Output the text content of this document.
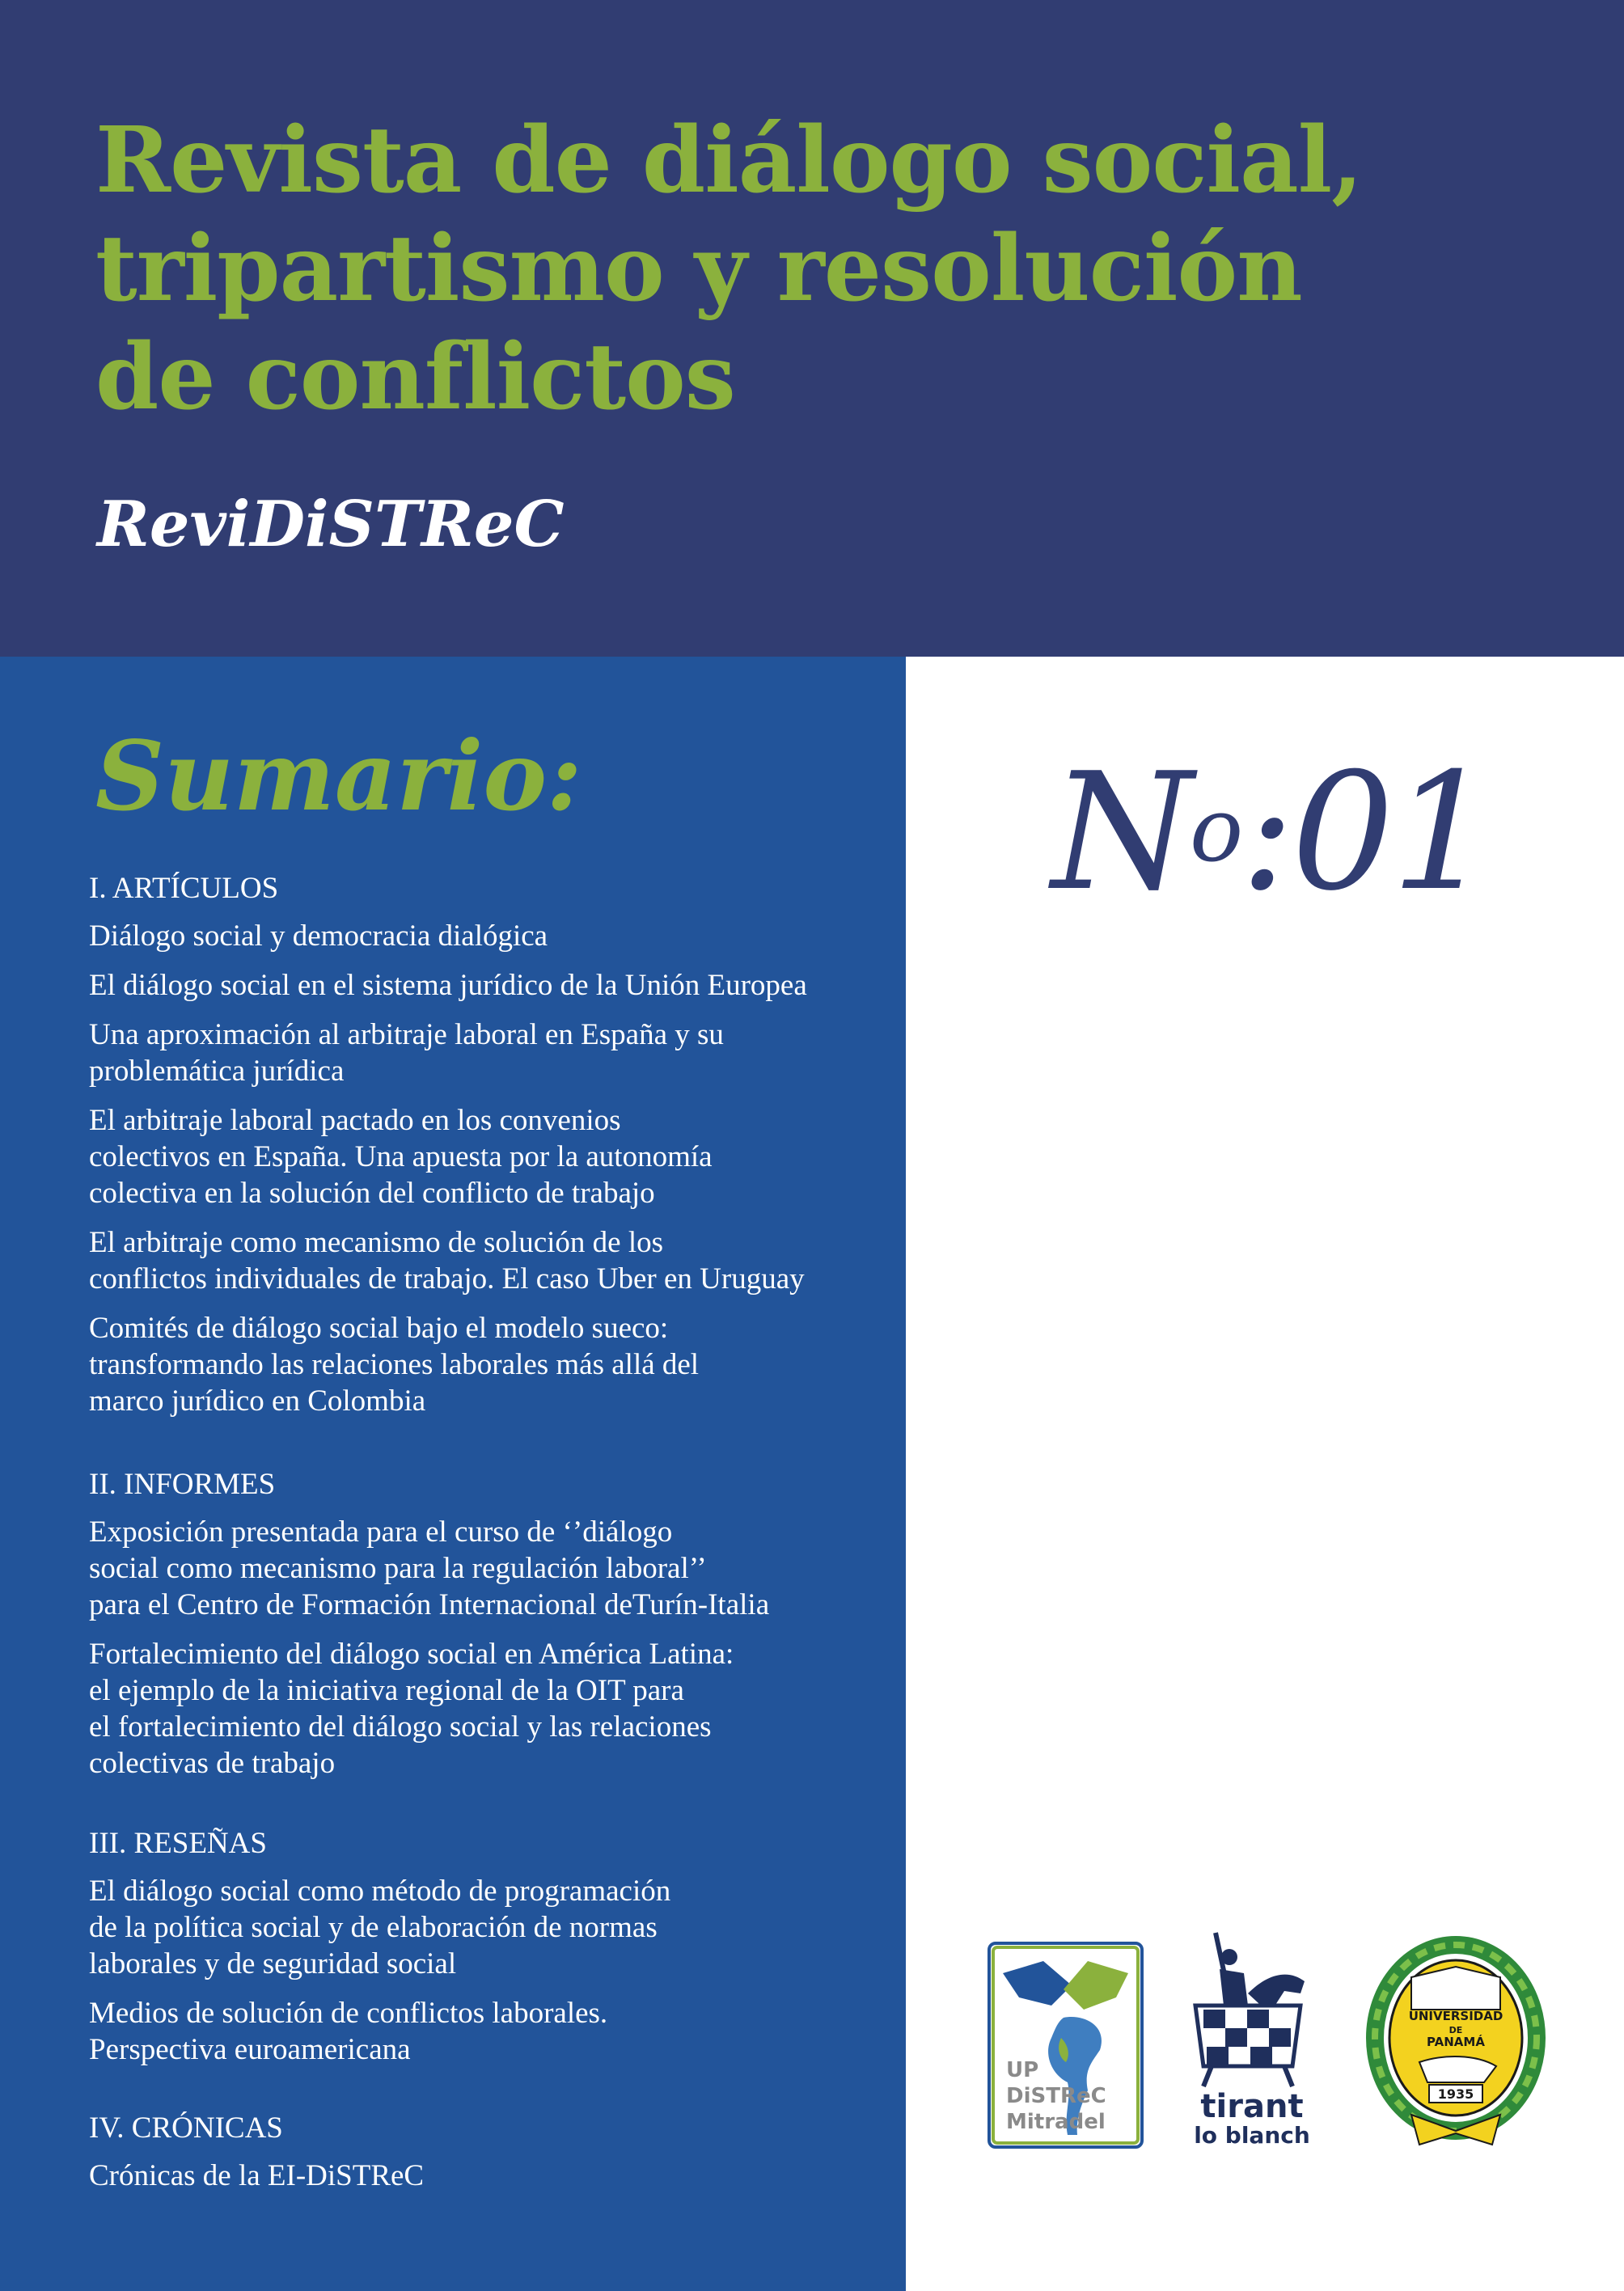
Revista de diálogo social,
tripartismo y resolución
de conflictos

ReviDiSTReC

Sumario:

I. ARTÍCULOS

Diálogo social y democracia dialógica

El diálogo social en el sistema jurídico de la Unión Europea

Una aproximación al arbitraje laboral en España y su
problemática jurídica

El arbitraje laboral pactado en los convenios
colectivos en España. Una apuesta por la autonomía
colectiva en la solución del conflicto de trabajo

El arbitraje como mecanismo de solución de los
conflictos individuales de trabajo. El caso Uber en Uruguay

Comités de diálogo social bajo el modelo sueco:
transformando las relaciones laborales más allá del
marco jurídico en Colombia

II. INFORMES

Exposición presentada para el curso de ‘’diálogo
social como mecanismo para la regulación laboral’’
para el Centro de Formación Internacional deTurín-Italia

Fortalecimiento del diálogo social en América Latina:
el ejemplo de la iniciativa regional de la OIT para
el fortalecimiento del diálogo social y las relaciones
colectivas de trabajo

III. RESEÑAS

El diálogo social como método de programación
de la política social y de elaboración de normas
laborales y de seguridad social

Medios de solución de conflictos laborales.
Perspectiva euroamericana

IV. CRÓNICAS

Crónicas de la EI-DiSTReC

$N^o:01$

UP
DiSTReC
Mitradel	tirant
lo blanch
UNIVERSIDAD
DE
PANAMÁ
1935
